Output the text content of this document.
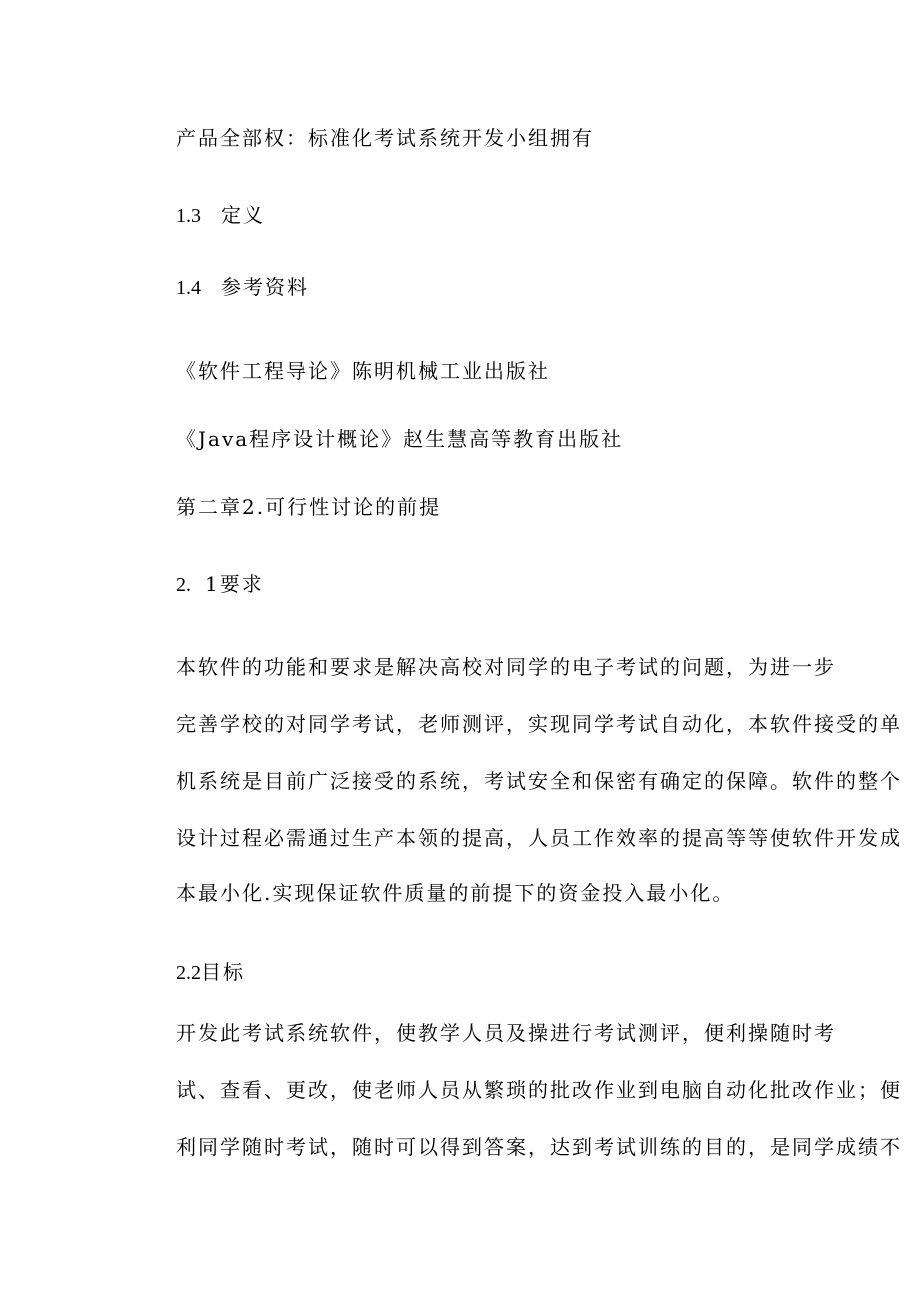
产品全部权：标准化考试系统开发小组拥有

1.3 定义

1.4 参考资料

《软件工程导论》陈明机械工业出版社

《Java程序设计概论》赵生慧高等教育出版社

第二章2.可行性讨论的前提

2. 1要求

本软件的功能和要求是解决高校对同学的电子考试的问题，为进一步

完善学校的对同学考试，老师测评，实现同学考试自动化，本软件接受的单

机系统是目前广泛接受的系统，考试安全和保密有确定的保障。软件的整个

设计过程必需通过生产本领的提高，人员工作效率的提高等等使软件开发成

本最小化.实现保证软件质量的前提下的资金投入最小化。

2.2目标

开发此考试系统软件，使教学人员及操进行考试测评，便利操随时考

试、查看、更改，使老师人员从繁琐的批改作业到电脑自动化批改作业；便

利同学随时考试，随时可以得到答案，达到考试训练的目的，是同学成绩不
